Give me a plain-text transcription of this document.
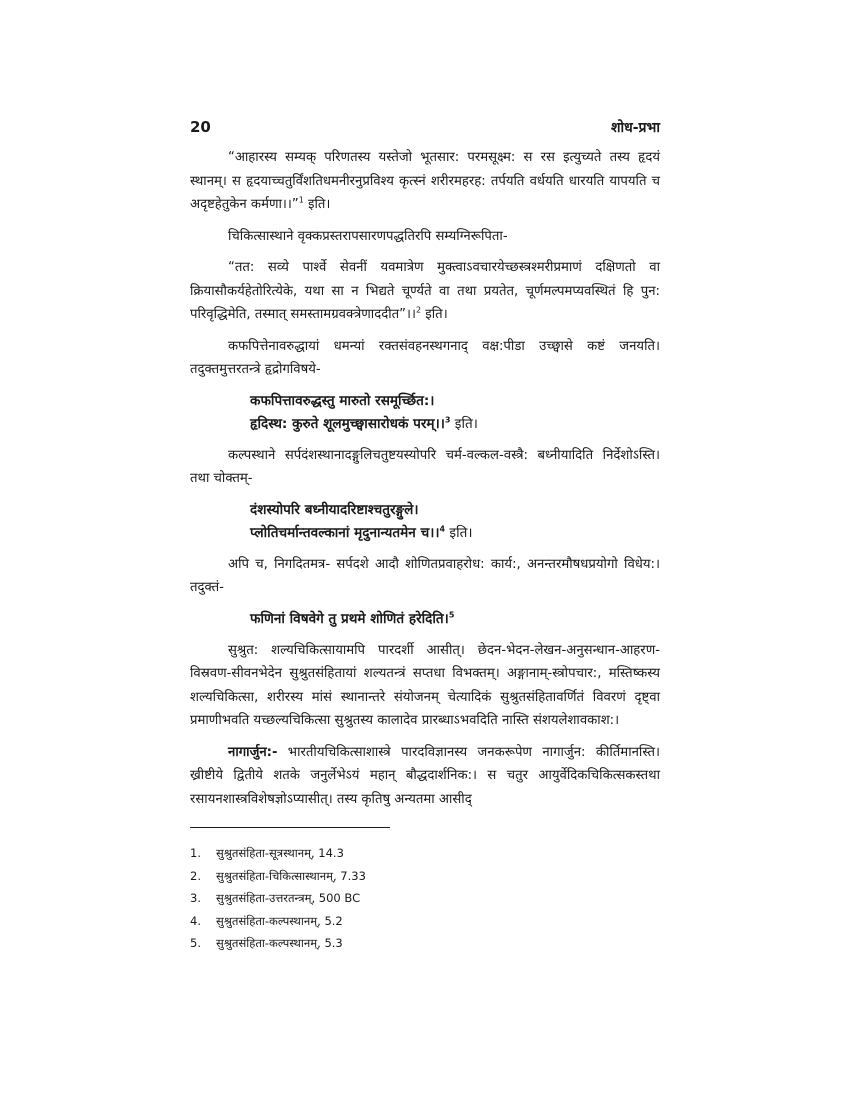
20	शोध-प्रभा

“आहारस्य सम्यक् परिणतस्य यस्तेजो भूतसार: परमसूक्ष्म: स रस इत्युच्यते तस्य हृदयं स्थानम्। स हृदयाच्चतुर्विंशतिधमनीरनुप्रविश्य कृत्स्नं शरीरमहरह: तर्पयति वर्धयति धारयति यापयति च अदृष्टहेतुकेन कर्मणा।।”$^1$ इति।

चिकित्सास्थाने वृक्कप्रस्तरापसारणपद्धतिरपि सम्यग्निरूपिता-

“तत: सव्ये पार्श्वे सेवनीं यवमात्रेण मुक्त्वाऽवचारयेच्छस्त्रश्मरीप्रमाणं दक्षिणतो वा क्रियासौकर्यहेतोरित्येके, यथा सा न भिद्यते चूर्ण्यते वा तथा प्रयतेत, चूर्णमल्पमप्यवस्थितं हि पुन: परिवृद्धिमेति, तस्मात् समस्तामग्रवक्त्रेणाददीत”।।$^2$ इति।

कफपित्तेनावरुद्धायां धमन्यां रक्तसंवहनस्थगनाद् वक्ष:पीडा उच्छ्वासे कष्टं जनयति। तदुक्तमुत्तरतन्त्रे हृद्रोगविषये-

कफपित्तावरुद्धस्तु मारुतो रसमूर्च्छित:।
हृदिस्थ: कुरुते शूलमुच्छ्वासारोधकं परम्।।$^3$ इति।

कल्पस्थाने सर्पदंशस्थानादङ्गुलिचतुष्टयस्योपरि चर्म-वल्कल-वस्त्रै: बध्नीयादिति निर्देशोऽस्ति। तथा चोक्तम्-

दंशस्योपरि बध्नीयादरिष्टाश्चतुरङ्गुले।
प्लोतिचर्मान्तवल्कानां मृदुनान्यतमेन च।।$^4$ इति।

अपि च, निगदितमत्र- सर्पदशे आदौ शोणितप्रवाहरोध: कार्य:, अनन्तरमौषधप्रयोगो विधेय:। तदुक्तं-

फणिनां विषवेगे तु प्रथमे शोणितं हरेदिति।$^5$

सुश्रुत: शल्यचिकित्सायामपि पारदर्शी आसीत्। छेदन-भेदन-लेखन-अनुसन्धान-आहरण-विस्रवण-सीवनभेदेन सुश्रुतसंहितायां शल्यतन्त्रं सप्तधा विभक्तम्। अङ्गानाम्-स्त्रोपचार:, मस्तिष्कस्य शल्यचिकित्सा, शरीरस्य मांसं स्थानान्तरे संयोजनम् चेत्यादिकं सुश्रुतसंहितावर्णितं विवरणं दृष्ट्वा प्रमाणीभवति यच्छल्यचिकित्सा सुश्रुतस्य कालादेव प्रारब्धाऽभवदिति नास्ति संशयलेशावकाश:।

नागार्जुन:- भारतीयचिकित्साशास्त्रे पारदविज्ञानस्य जनकरूपेण नागार्जुन: कीर्तिमानस्ति। ख्रीष्टीये द्वितीये शतके जनुर्लेभेऽयं महान् बौद्धदार्शनिक:। स चतुर आयुर्वेदिकचिकित्सकस्तथा रसायनशास्त्रविशेषज्ञोऽप्यासीत्। तस्य कृतिषु अन्यतमा आसीद्

1.	सुश्रुतसंहिता-सूत्रस्थानम्, 14.3
2.	सुश्रुतसंहिता-चिकित्सास्थानम्, 7.33
3.	सुश्रुतसंहिता-उत्तरतन्त्रम्, 500 BC
4.	सुश्रुतसंहिता-कल्पस्थानम्, 5.2
5.	सुश्रुतसंहिता-कल्पस्थानम्, 5.3
